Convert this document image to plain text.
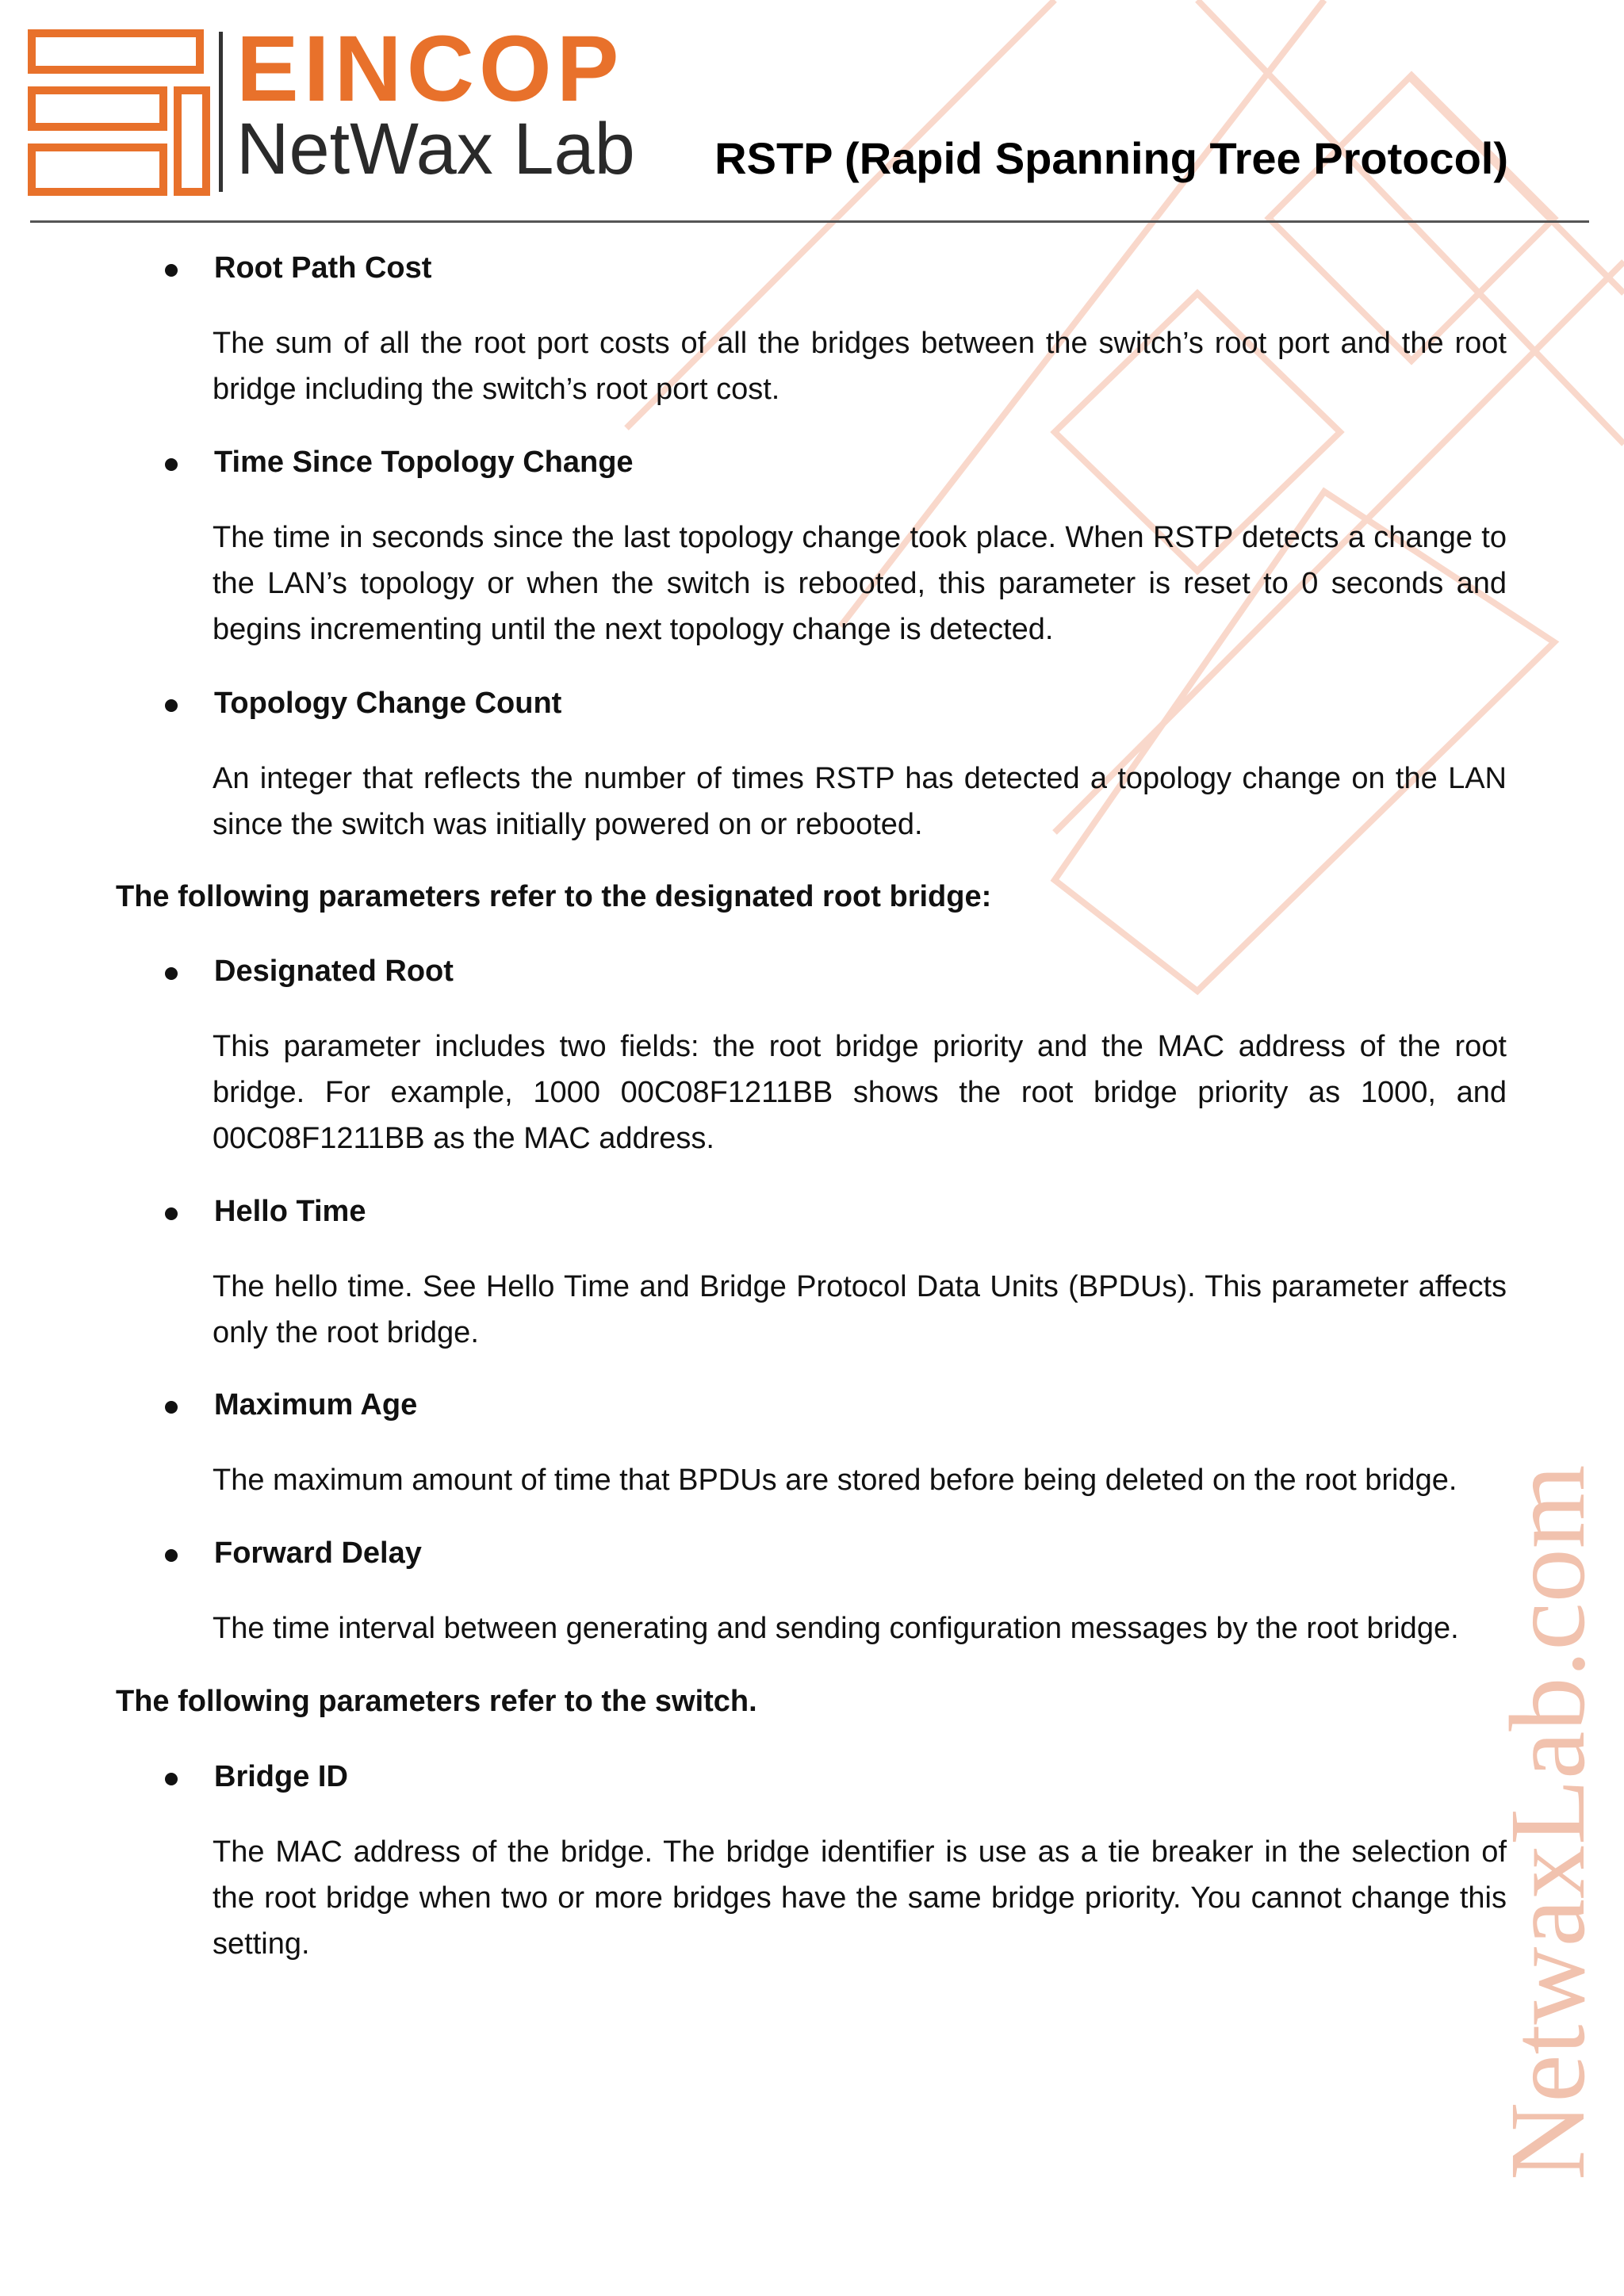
EINCOP
NetWax Lab RSTP (Rapid Spanning Tree Protocol)
NetwaxLab.com
Root Path Cost
The sum of all the root port costs of all the bridges between the switch’s root port and the root bridge including the switch’s root port cost.
Time Since Topology Change
The time in seconds since the last topology change took place. When RSTP detects a change to the LAN’s topology or when the switch is rebooted, this parameter is reset to 0 seconds and begins incrementing until the next topology change is detected.
Topology Change Count
An integer that reflects the number of times RSTP has detected a topology change on the LAN since the switch was initially powered on or rebooted.
The following parameters refer to the designated root bridge:
Designated Root
This parameter includes two fields: the root bridge priority and the MAC address of the root bridge. For example, 1000 00C08F1211BB shows the root bridge priority as 1000, and 00C08F1211BB as the MAC address.
Hello Time
The hello time. See Hello Time and Bridge Protocol Data Units (BPDUs). This parameter affects only the root bridge.
Maximum Age
The maximum amount of time that BPDUs are stored before being deleted on the root bridge.
Forward Delay
The time interval between generating and sending configuration messages by the root bridge.
The following parameters refer to the switch.
Bridge ID
The MAC address of the bridge. The bridge identifier is use as a tie breaker in the selection of the root bridge when two or more bridges have the same bridge priority. You cannot change this setting.
